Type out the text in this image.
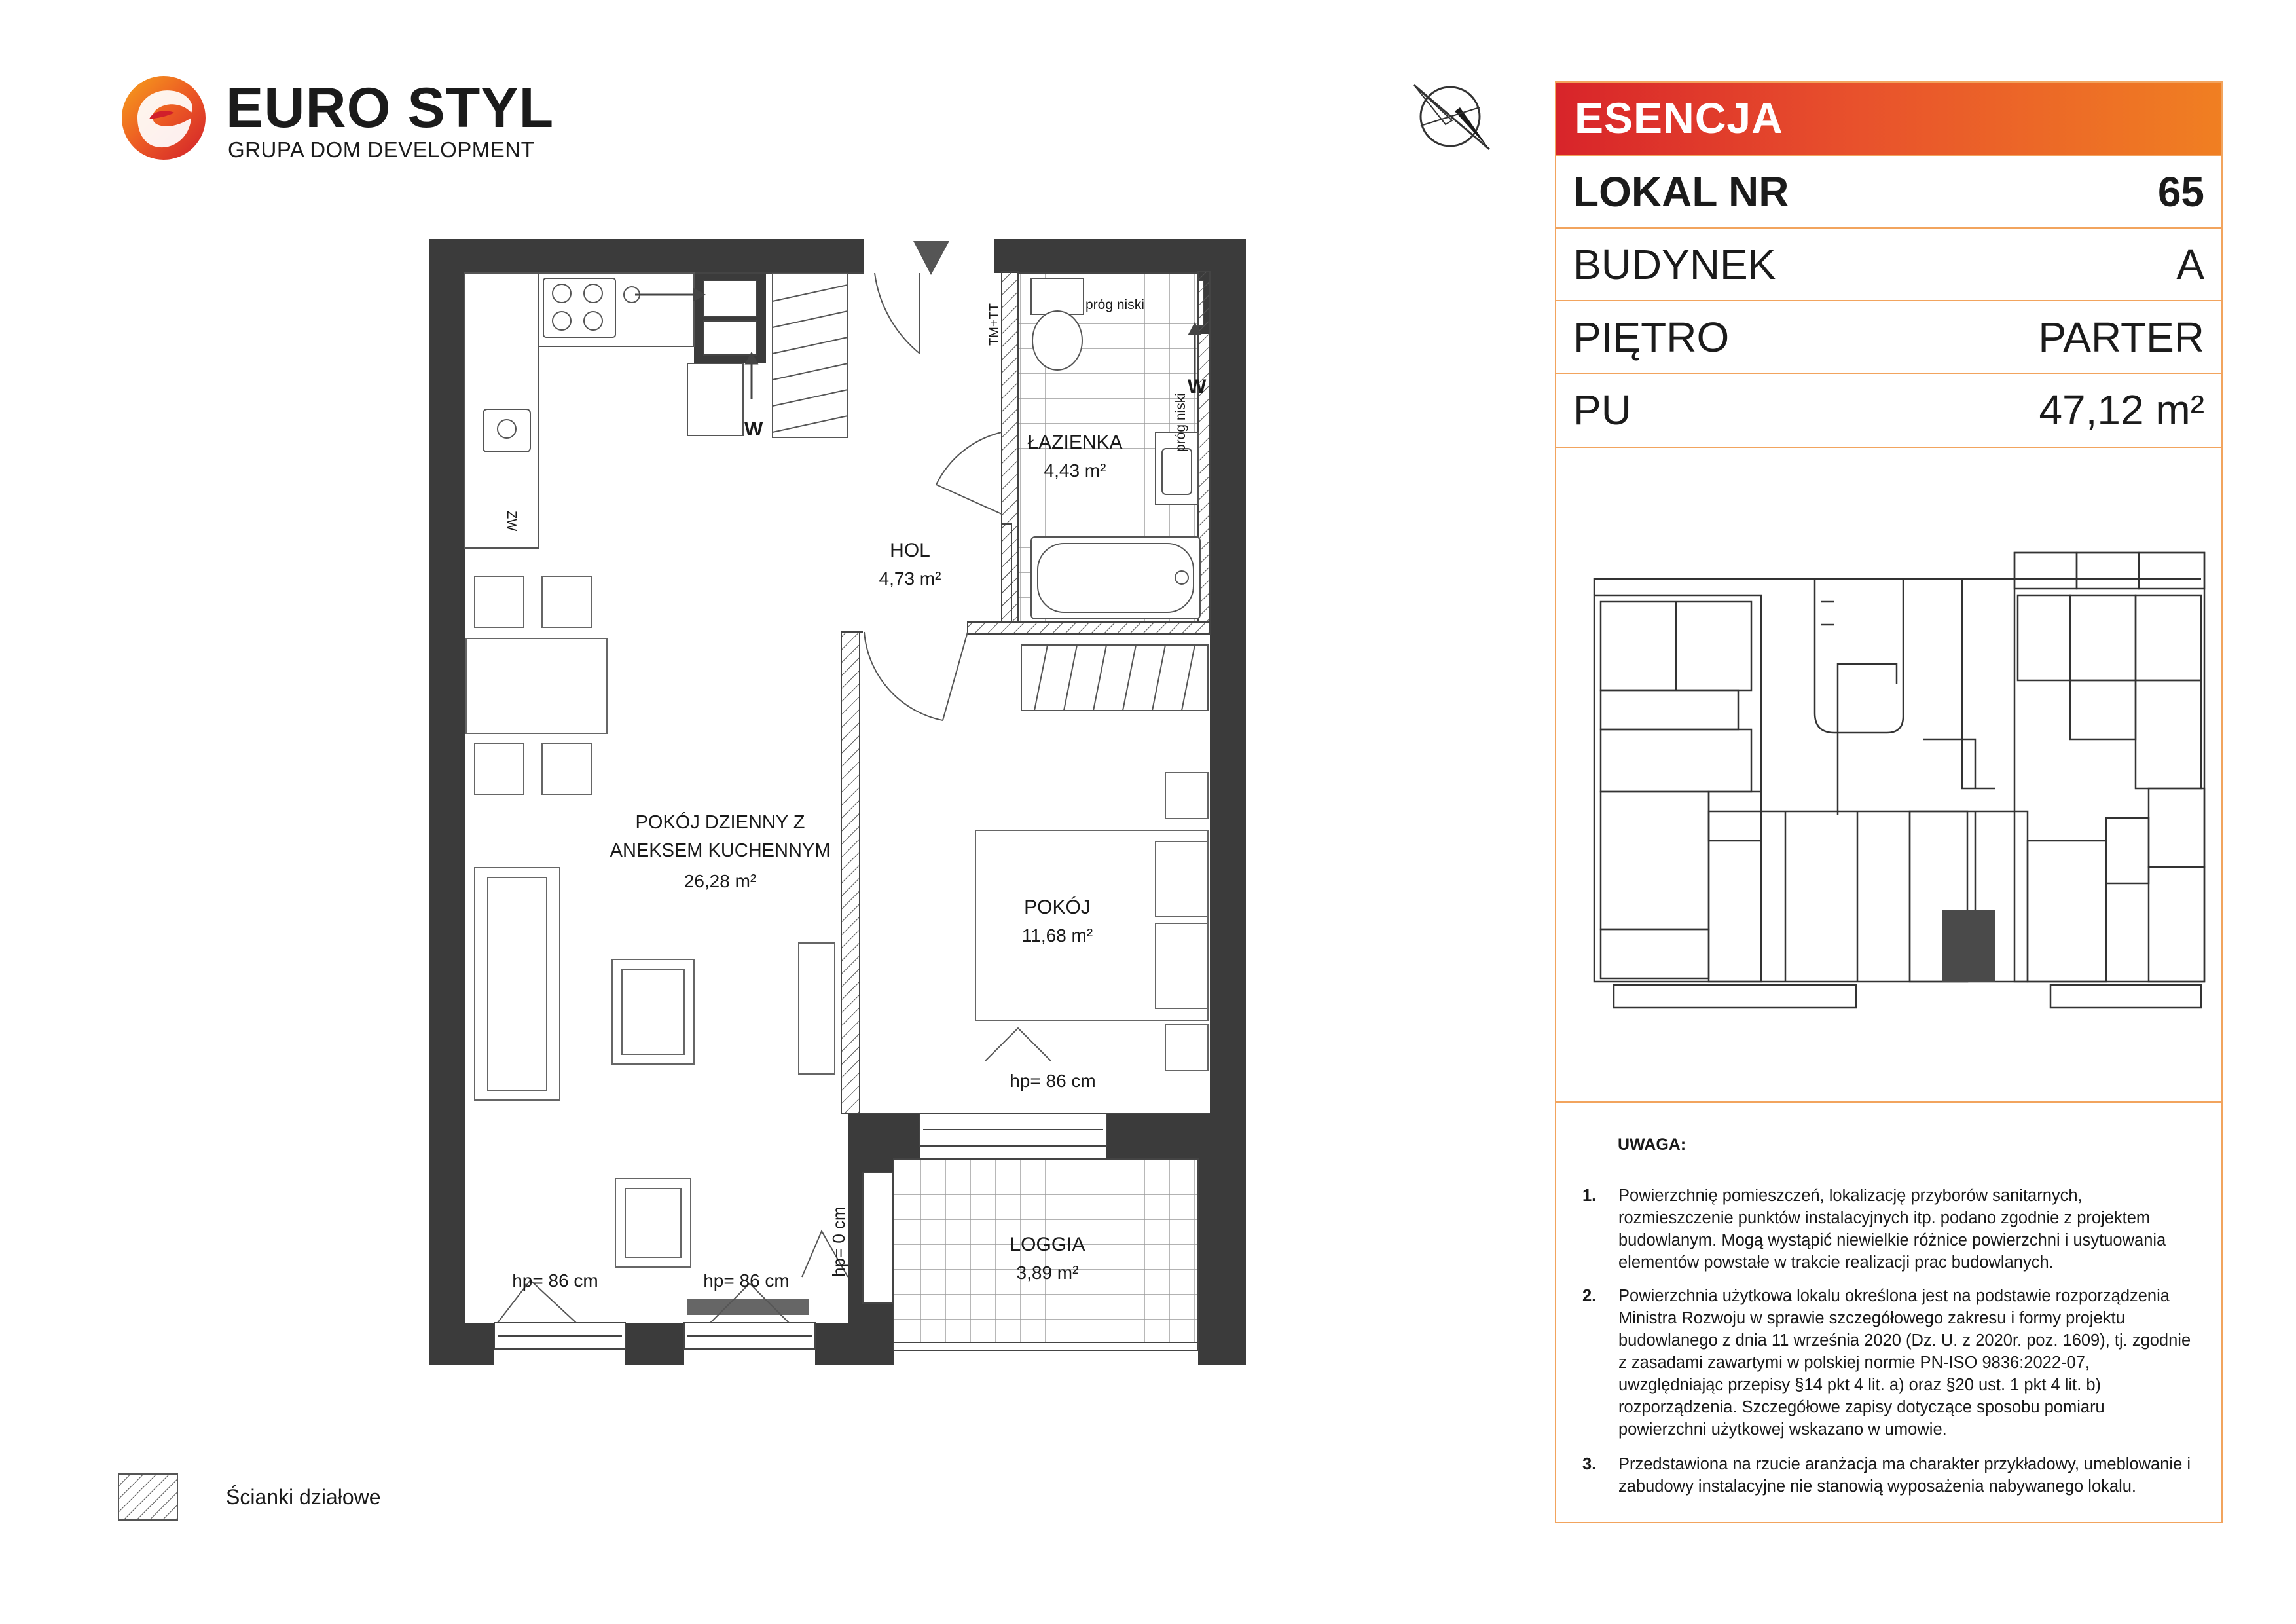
EURO STYL
GRUPA DOM DEVELOPMENT
HOL
4,73 m²
ŁAZIENKA
4,43 m²
POKÓJ DZIENNY Z
ANEKSEM KUCHENNYM
26,28 m²
POKÓJ
11,68 m²
LOGGIA
3,89 m²
próg niski
próg niski
TM+TT
ZW
W
W
hp= 86 cm
hp= 86 cm	hp= 86 cm
hp= 0 cm
Ścianki działowe
ESENCJA
LOKAL NR	65
BUDYNEK	A
PIĘTRO	PARTER
PU	47,12 m²
UWAGA:
1. Powierzchnię pomieszczeń, lokalizację przyborów sanitarnych, rozmieszczenie punktów instalacyjnych itp. podano zgodnie z projektem budowlanym. Mogą wystąpić niewielkie różnice powierzchni i usytuowania elementów powstałe w trakcie realizacji prac budowlanych.
2. Powierzchnia użytkowa lokalu określona jest na podstawie rozporządzenia Ministra Rozwoju w sprawie szczegółowego zakresu i formy projektu budowlanego z dnia 11 września 2020 (Dz. U. z 2020r. poz. 1609), tj. zgodnie z zasadami zawartymi w polskiej normie PN-ISO 9836:2022-07, uwzględniając przepisy §14 pkt 4 lit. a) oraz §20 ust. 1 pkt 4 lit. b) rozporządzenia. Szczegółowe zapisy dotyczące sposobu pomiaru powierzchni użytkowej wskazano w umowie.
3. Przedstawiona na rzucie aranżacja ma charakter przykładowy, umeblowanie i zabudowy instalacyjne nie stanowią wyposażenia nabywanego lokalu.
